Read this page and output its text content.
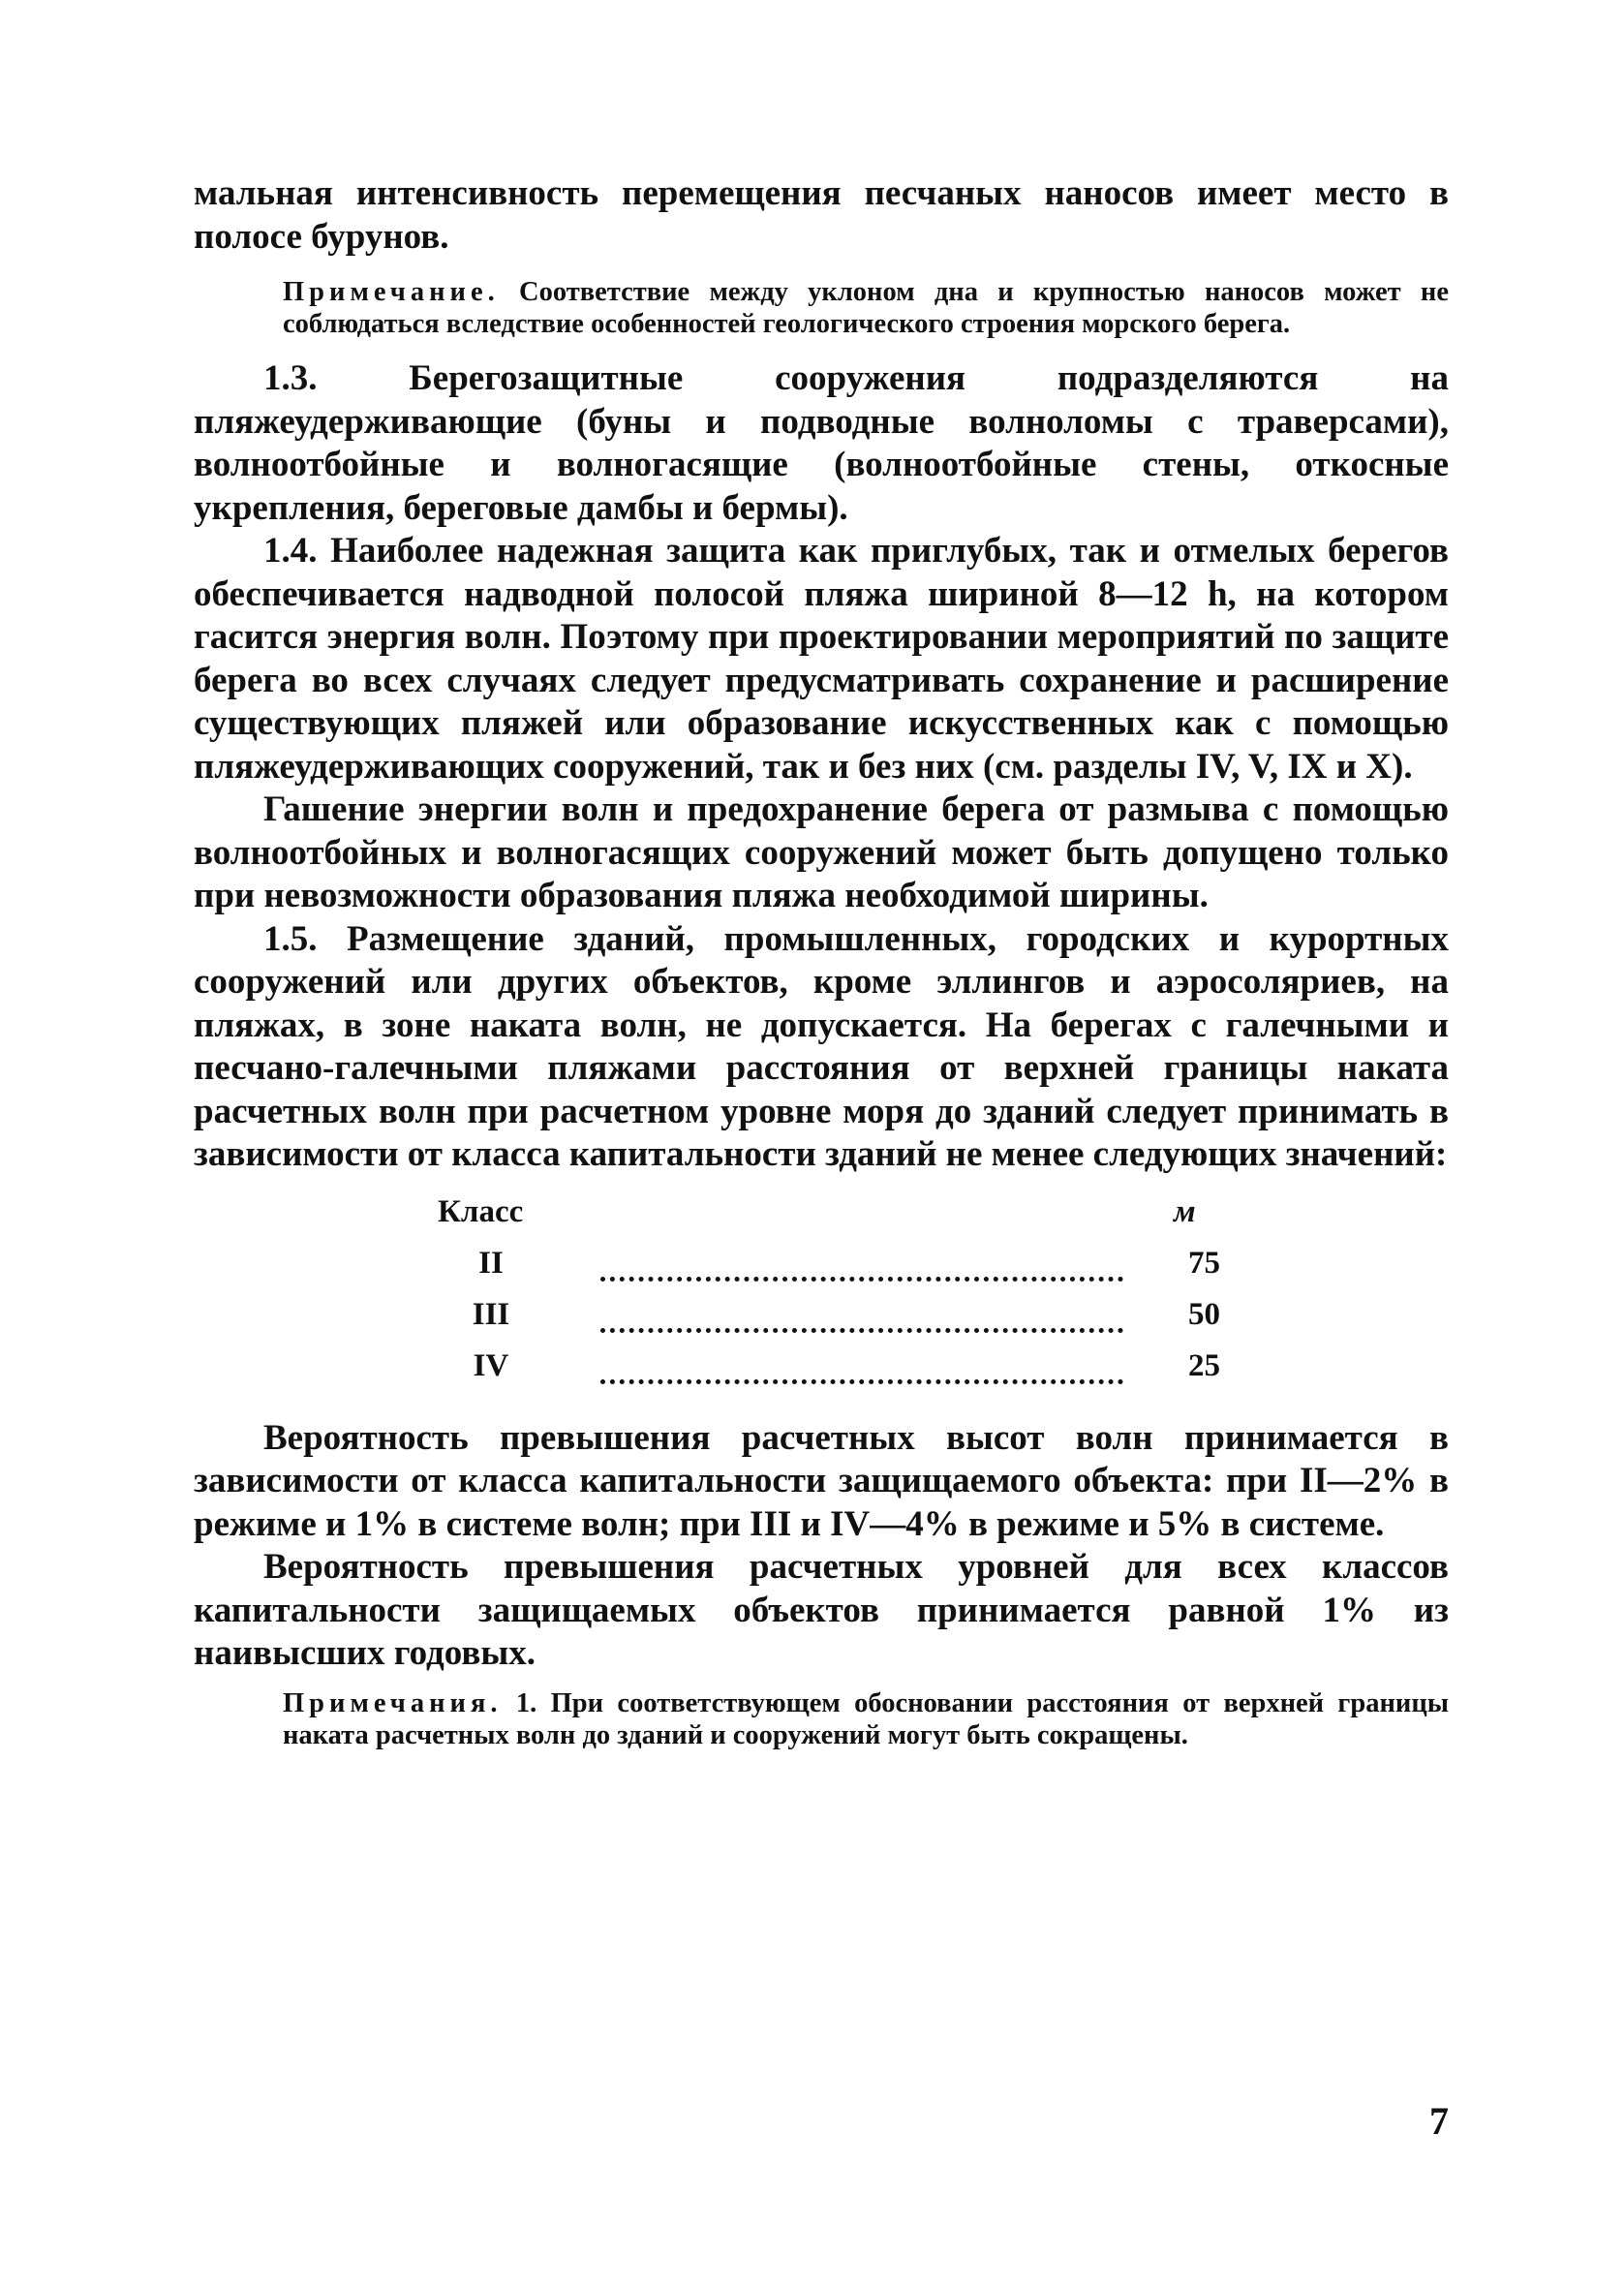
мальная интенсивность перемещения песчаных наносов имеет место в полосе бурунов.

Примечание. Соответствие между уклоном дна и крупностью наносов может не соблюдаться вследствие особенностей геологического строения морского берега.

1.3. Берегозащитные сооружения подразделяются на пляжеудерживающие (буны и подводные волноломы с траверсами), волноотбойные и волногасящие (волноотбойные стены, откосные укрепления, береговые дамбы и бермы).

1.4. Наиболее надежная защита как приглубых, так и отмелых берегов обеспечивается надводной полосой пляжа шириной 8—12 h, на котором гасится энергия волн. Поэтому при проектировании мероприятий по защите берега во всех случаях следует предусматривать сохранение и расширение существующих пляжей или образование искусственных как с помощью пляжеудерживающих сооружений, так и без них (см. разделы IV, V, IX и X).

Гашение энергии волн и предохранение берега от размыва с помощью волноотбойных и волногасящих сооружений может быть допущено только при невозможности образования пляжа необходимой ширины.

1.5. Размещение зданий, промышленных, городских и курортных сооружений или других объектов, кроме эллингов и аэросоляриев, на пляжах, в зоне наката волн, не допускается. На берегах с галечными и песчано-галечными пляжами расстояния от верхней границы наката расчетных волн при расчетном уровне моря до зданий следует принимать в зависимости от класса капитальности зданий не менее следующих значений:

Класс	м
II	75
III	50
IV	25

Вероятность превышения расчетных высот волн принимается в зависимости от класса капитальности защищаемого объекта: при II—2% в режиме и 1% в системе волн; при III и IV—4% в режиме и 5% в системе.

Вероятность превышения расчетных уровней для всех классов капитальности защищаемых объектов принимается равной 1% из наивысших годовых.

Примечания. 1. При соответствующем обосновании расстояния от верхней границы наката расчетных волн до зданий и сооружений могут быть сокращены.

7
